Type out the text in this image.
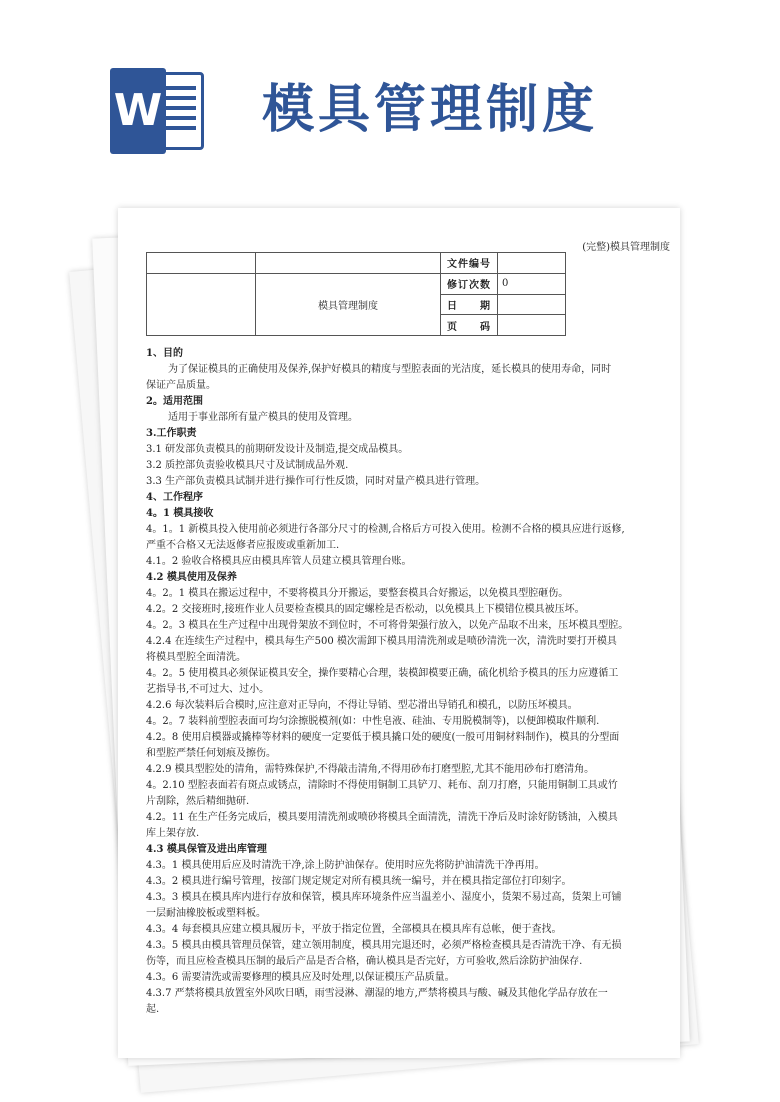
W 模具管理制度
(完整)模具管理制度
		文件编号	
	模具管理制度	修订次数	0
		日　　期	
		页　　码	
1、目的
为了保证模具的正确使用及保养,保护好模具的精度与型腔表面的光洁度，延长模具的使用寿命，同时
保证产品质量。
2。适用范围
适用于事业部所有量产模具的使用及管理。
3.工作职责
3.1 研发部负责模具的前期研发设计及制造,提交成品模具。
3.2 质控部负责验收模具尺寸及试制成品外观.
3.3 生产部负责模具试制并进行操作可行性反馈，同时对量产模具进行管理。
4、工作程序
4。1 模具接收
4。1。1 新模具投入使用前必须进行各部分尺寸的检测,合格后方可投入使用。检测不合格的模具应进行返修,
严重不合格又无法返修者应报废或重新加工.
4.1。2 验收合格模具应由模具库管人员建立模具管理台账。
4.2 模具使用及保养
4。2。1 模具在搬运过程中，不要将模具分开搬运，要整套模具合好搬运，以免模具型腔砸伤。
4.2。2 交接班时,接班作业人员要检查模具的固定螺栓是否松动，以免模具上下模错位模具被压坏。
4。2。3 模具在生产过程中出现骨架放不到位时，不可将骨架强行放入，以免产品取不出来，压坏模具型腔。
4.2.4 在连续生产过程中，模具每生产500 模次需卸下模具用清洗剂或是喷砂清洗一次，清洗时要打开模具
将模具型腔全面清洗。
4。2。5 使用模具必须保证模具安全，操作要精心合理，装模卸模要正确，硫化机给予模具的压力应遵循工
艺指导书,不可过大、过小。
4.2.6 每次装料后合模时,应注意对正导向，不得让导销、型芯滑出导销孔和模孔，以防压坏模具。
4。2。7 装料前型腔表面可均匀涂擦脱模剂(如：中性皂液、硅油、专用脱模制等)，以便卸模取件顺利.
4.2。8 使用启模器或撬棒等材料的硬度一定要低于模具撬口处的硬度(一般可用铜材料制作)，模具的分型面
和型腔严禁任何划痕及擦伤。
4.2.9 模具型腔处的清角，需特殊保护,不得敲击清角,不得用砂布打磨型腔,尤其不能用砂布打磨清角。
4。2.10 型腔表面若有斑点或锈点，清除时不得使用铜制工具铲刀、耗布、刮刀打磨，只能用铜制工具或竹
片刮除，然后精细抛研.
4.2。11 在生产任务完成后，模具要用清洗剂或喷砂将模具全面清洗，清洗干净后及时涂好防锈油，入模具
库上架存放.
4.3 模具保管及进出库管理
4.3。1 模具使用后应及时清洗干净,涂上防护油保存。使用时应先将防护油清洗干净再用。
4.3。2 模具进行编号管理，按部门规定规定对所有模具统一编号，并在模具指定部位打印刻字。
4.3。3 模具在模具库内进行存放和保管，模具库环境条件应当温差小、湿度小，货架不易过高，货架上可铺
一层耐油橡胶板或塑料板。
4.3。4 每套模具应建立模具履历卡，平放于指定位置，全部模具在模具库有总帐，便于查找。
4.3。5 模具由模具管理员保管，建立领用制度，模具用完退还时，必须严格检查模具是否清洗干净、有无损
伤等，而且应检查模具压制的最后产品是否合格，确认模具是否完好，方可验收,然后涂防护油保存.
4.3。6 需要清洗或需要修理的模具应及时处理,以保证模压产品质量。
4.3.7 严禁将模具放置室外风吹日晒，雨雪浸淋、潮湿的地方,严禁将模具与酸、碱及其他化学品存放在一
起.
